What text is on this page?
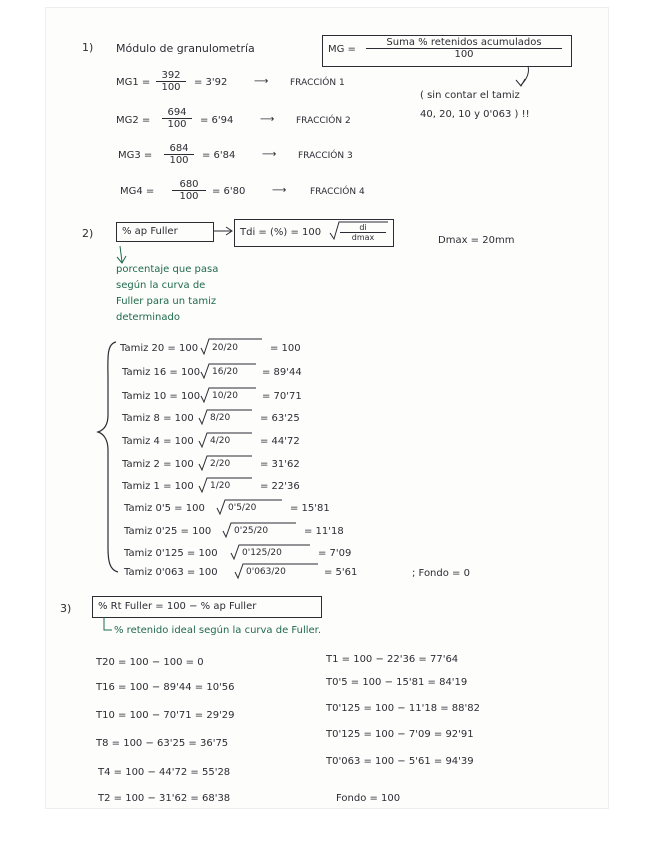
1) Módulo de granulometría	MG =
Suma % retenidos acumulados
100
( sin contar el tamiz
40, 20, 10 y 0'063 ) !!
$MG1 = \frac{392}{100} = 3'92$	⟶ FRACCIÓN 1
$MG2 = \frac{694}{100} = 6'94$	⟶ FRACCIÓN 2
$MG3 = \frac{684}{100} = 6'84$	⟶ FRACCIÓN 3
$MG4 = \frac{680}{100} = 6'80$	⟶	FRACCIÓN 4
2)	% ap Fuller	Tdi = (%) = 100	di
dmax	Dmax = 20mm
porcentaje que pasa
según la curva de
Fuller para un tamiz
determinado
Tamiz 20 = 100 20/20	= 100
Tamiz 16 = 100 16/20 = 89'44
Tamiz 10 = 100 10/20 = 70'71
Tamiz 8 = 100 8/20	= 63'25
Tamiz 4 = 100 4/20	= 44'72
Tamiz 2 = 100 2/20	= 31'62
Tamiz 1 = 100 1/20	= 22'36
Tamiz 0'5 = 100	0'5/20	= 15'81
Tamiz 0'25 = 100	0'25/20	= 11'18
Tamiz 0'125 = 100	0'125/20	= 7'09
Tamiz 0'063 = 100	0'063/20	= 5'61	; Fondo = 0
3)	% Rt Fuller = 100 − % ap Fuller
% retenido ideal según la curva de Fuller.
T20 = 100 − 100 = 0
T16 = 100 − 89'44 = 10'56
T10 = 100 − 70'71 = 29'29
T8 = 100 − 63'25 = 36'75
T4 = 100 − 44'72 = 55'28
T2 = 100 − 31'62 = 68'38
T1 = 100 − 22'36 = 77'64
T0'5 = 100 − 15'81 = 84'19
T0'125 = 100 − 11'18 = 88'82
T0'125 = 100 − 7'09 = 92'91
T0'063 = 100 − 5'61 = 94'39
Fondo = 100
